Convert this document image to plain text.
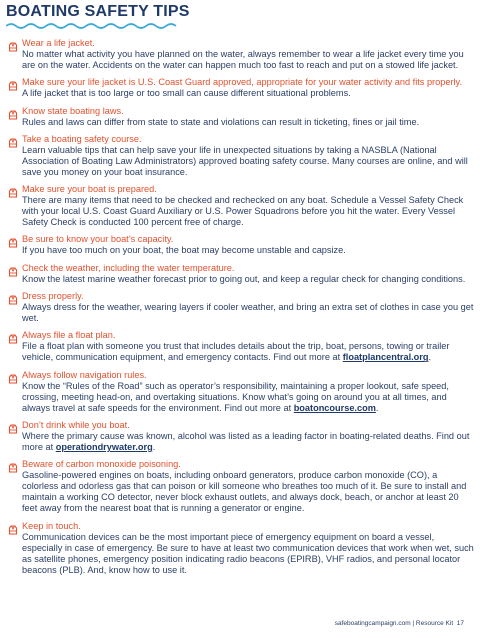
BOATING SAFETY TIPS
Wear a life jacket.
No matter what activity you have planned on the water, always remember to wear a life jacket every time you are on the water. Accidents on the water can happen much too fast to reach and put on a stowed life jacket.
Make sure your life jacket is U.S. Coast Guard approved, appropriate for your water activity and fits properly.
A life jacket that is too large or too small can cause different situational problems.
Know state boating laws.
Rules and laws can differ from state to state and violations can result in ticketing, fines or jail time.
Take a boating safety course.
Learn valuable tips that can help save your life in unexpected situations by taking a NASBLA (National Association of Boating Law Administrators) approved boating safety course. Many courses are online, and will save you money on your boat insurance.
Make sure your boat is prepared.
There are many items that need to be checked and rechecked on any boat. Schedule a Vessel Safety Check with your local U.S. Coast Guard Auxiliary or U.S. Power Squadrons before you hit the water. Every Vessel Safety Check is conducted 100 percent free of charge.
Be sure to know your boat’s capacity.
If you have too much on your boat, the boat may become unstable and capsize.
Check the weather, including the water temperature.
Know the latest marine weather forecast prior to going out, and keep a regular check for changing conditions.
Dress properly.
Always dress for the weather, wearing layers if cooler weather, and bring an extra set of clothes in case you get wet.
Always file a float plan.
File a float plan with someone you trust that includes details about the trip, boat, persons, towing or trailer vehicle, communication equipment, and emergency contacts. Find out more at floatplancentral.org.
Always follow navigation rules.
Know the “Rules of the Road” such as operator’s responsibility, maintaining a proper lookout, safe speed, crossing, meeting head-on, and overtaking situations. Know what’s going on around you at all times, and always travel at safe speeds for the environment. Find out more at boatoncourse.com.
Don’t drink while you boat.
Where the primary cause was known, alcohol was listed as a leading factor in boating-related deaths. Find out more at operationdrywater.org.
Beware of carbon monoxide poisoning.
Gasoline-powered engines on boats, including onboard generators, produce carbon monoxide (CO), a colorless and odorless gas that can poison or kill someone who breathes too much of it. Be sure to install and maintain a working CO detector, never block exhaust outlets, and always dock, beach, or anchor at least 20 feet away from the nearest boat that is running a generator or engine.
Keep in touch.
Communication devices can be the most important piece of emergency equipment on board a vessel, especially in case of emergency. Be sure to have at least two communication devices that work when wet, such as satellite phones, emergency position indicating radio beacons (EPIRB), VHF radios, and personal locator beacons (PLB). And, know how to use it.
safeboatingcampaign.com | Resource Kit 17
